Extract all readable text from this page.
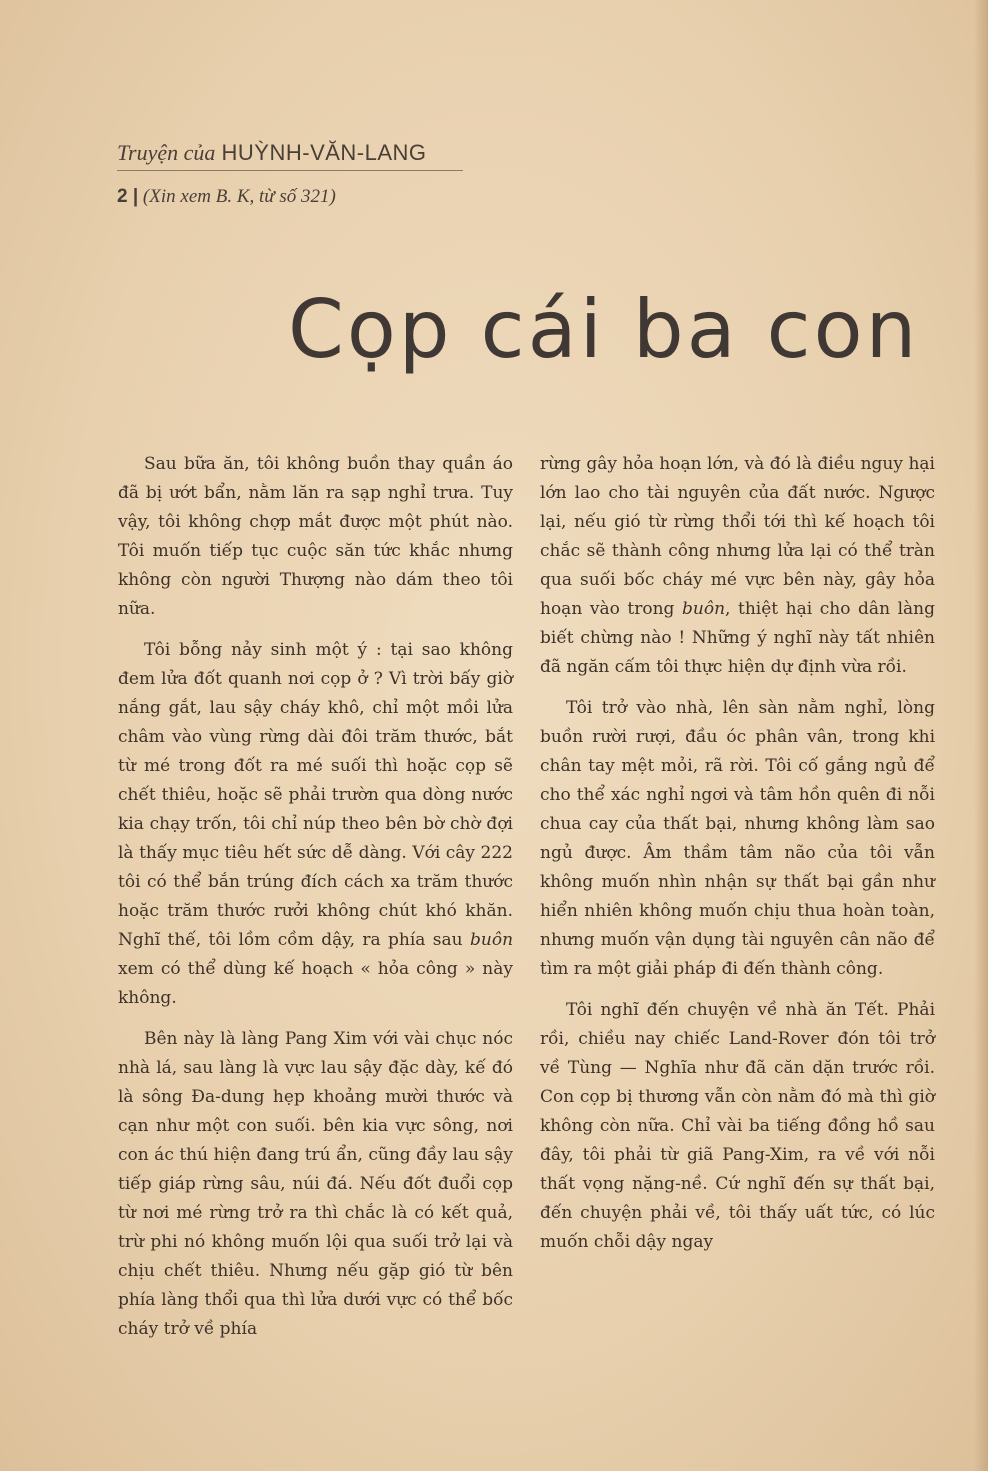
Truyện của HUỲNH-VĂN-LANG
2 | (Xin xem B. K, từ số 321)
Cọp cái ba con

Sau bữa ăn, tôi không buồn thay quần áo đã bị ướt bẩn, nằm lăn ra sạp nghỉ trưa. Tuy vậy, tôi không chợp mắt được một phút nào. Tôi muốn tiếp tục cuộc săn tức khắc nhưng không còn người Thượng nào dám theo tôi nữa.

Tôi bỗng nảy sinh một ý : tại sao không đem lửa đốt quanh nơi cọp ở ? Vì trời bấy giờ nắng gắt, lau sậy cháy khô, chỉ một mồi lửa châm vào vùng rừng dài đôi trăm thước, bắt từ mé trong đốt ra mé suối thì hoặc cọp sẽ chết thiêu, hoặc sẽ phải trườn qua dòng nước kia chạy trốn, tôi chỉ núp theo bên bờ chờ đợi là thấy mục tiêu hết sức dễ dàng. Với cây 222 tôi có thể bắn trúng đích cách xa trăm thước hoặc trăm thước rưởi không chút khó khăn. Nghĩ thế, tôi lồm cồm dậy, ra phía sau buôn xem có thể dùng kế hoạch « hỏa công » này không.

Bên này là làng Pang Xim với vài chục nóc nhà lá, sau làng là vực lau sậy đặc dày, kế đó là sông Đa-dung hẹp khoảng mười thước và cạn như một con suối. bên kia vực sông, nơi con ác thú hiện đang trú ẩn, cũng đầy lau sậy tiếp giáp rừng sâu, núi đá. Nếu đốt đuổi cọp từ nơi mé rừng trở ra thì chắc là có kết quả, trừ phi nó không muốn lội qua suối trở lại và chịu chết thiêu. Nhưng nếu gặp gió từ bên phía làng thổi qua thì lửa dưới vực có thể bốc cháy trở về phía

rừng gây hỏa hoạn lớn, và đó là điều nguy hại lớn lao cho tài nguyên của đất nước. Ngược lại, nếu gió từ rừng thổi tới thì kế hoạch tôi chắc sẽ thành công nhưng lửa lại có thể tràn qua suối bốc cháy mé vực bên này, gây hỏa hoạn vào trong buôn, thiệt hại cho dân làng biết chừng nào ! Những ý nghĩ này tất nhiên đã ngăn cấm tôi thực hiện dự định vừa rồi.

Tôi trở vào nhà, lên sàn nằm nghỉ, lòng buồn rười rượi, đầu óc phân vân, trong khi chân tay mệt mỏi, rã rời. Tôi cố gắng ngủ để cho thể xác nghỉ ngơi và tâm hồn quên đi nỗi chua cay của thất bại, nhưng không làm sao ngủ được. Âm thầm tâm não của tôi vẫn không muốn nhìn nhận sự thất bại gần như hiển nhiên không muốn chịu thua hoàn toàn, nhưng muốn vận dụng tài nguyên cân não để tìm ra một giải pháp đi đến thành công.

Tôi nghĩ đến chuyện về nhà ăn Tết. Phải rồi, chiều nay chiếc Land-Rover đón tôi trở về Tùng — Nghĩa như đã căn dặn trước rồi. Con cọp bị thương vẫn còn nằm đó mà thì giờ không còn nữa. Chỉ vài ba tiếng đồng hồ sau đây, tôi phải từ giã Pang-Xim, ra về với nỗi thất vọng nặng-nề. Cứ nghĩ đến sự thất bại, đến chuyện phải về, tôi thấy uất tức, có lúc muốn chỗi dậy ngay
